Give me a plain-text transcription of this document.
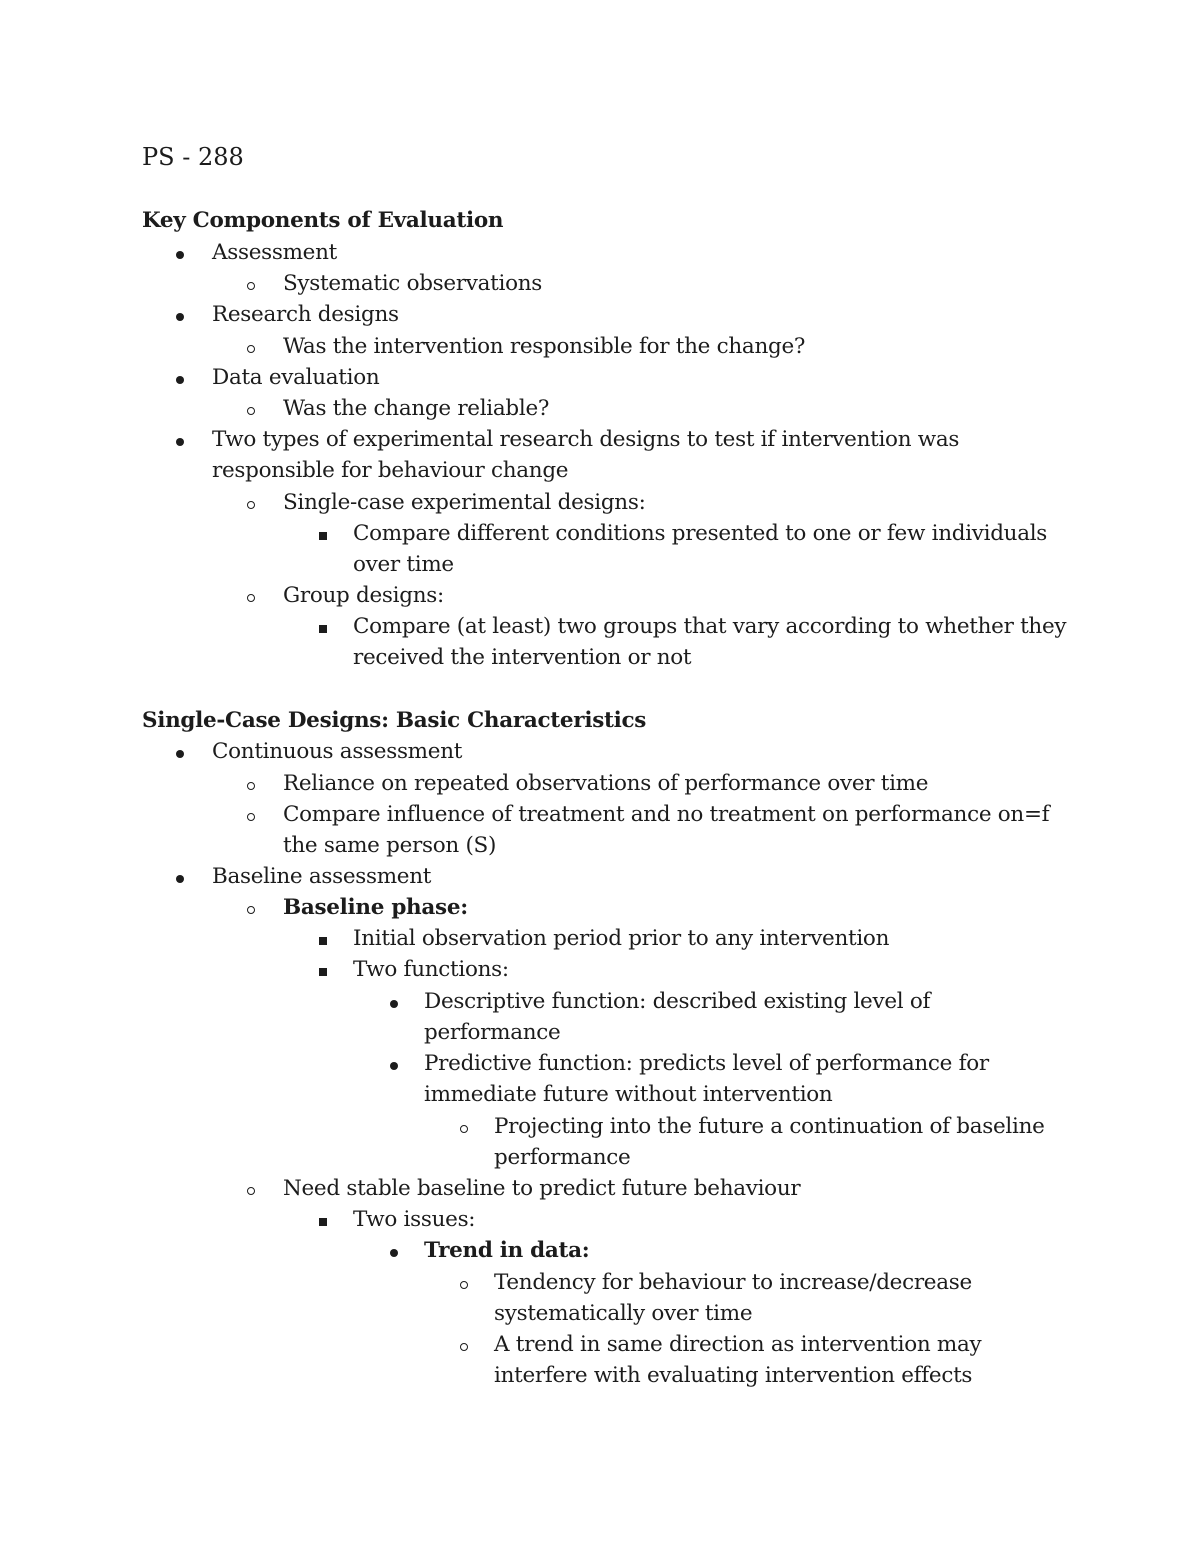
PS - 288
Key Components of Evaluation
Assessment
Systematic observations
Research designs
Was the intervention responsible for the change?
Data evaluation
Was the change reliable?
Two types of experimental research designs to test if intervention was
responsible for behaviour change
Single-case experimental designs:
Compare different conditions presented to one or few individuals
over time
Group designs:
Compare (at least) two groups that vary according to whether they
received the intervention or not
Single-Case Designs: Basic Characteristics
Continuous assessment
Reliance on repeated observations of performance over time
Compare influence of treatment and no treatment on performance on=f
the same person (S)
Baseline assessment
Baseline phase:
Initial observation period prior to any intervention
Two functions:
Descriptive function: described existing level of
performance
Predictive function: predicts level of performance for
immediate future without intervention
Projecting into the future a continuation of baseline
performance
Need stable baseline to predict future behaviour
Two issues:
Trend in data:
Tendency for behaviour to increase/decrease
systematically over time
A trend in same direction as intervention may
interfere with evaluating intervention effects
